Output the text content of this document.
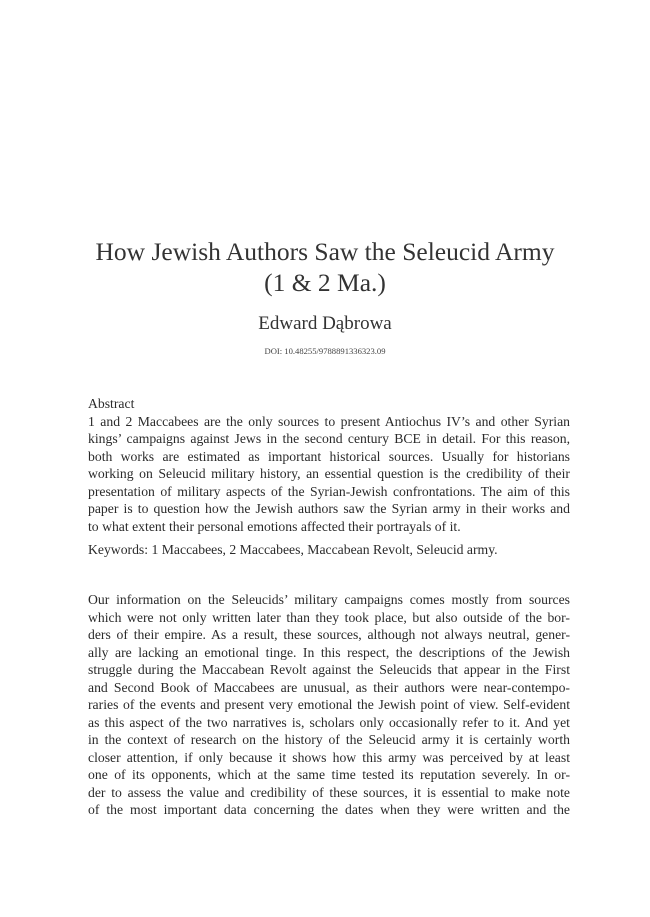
How Jewish Authors Saw the Seleucid Army
(1 & 2 Ma.)
Edward Dąbrowa
DOI: 10.48255/9788891336323.09
Abstract
1 and 2 Maccabees are the only sources to present Antiochus IV’s and other Syrian
kings’ campaigns against Jews in the second century BCE in detail. For this reason,
both works are estimated as important historical sources. Usually for historians
working on Seleucid military history, an essential question is the credibility of their
presentation of military aspects of the Syrian-Jewish confrontations. The aim of this
paper is to question how the Jewish authors saw the Syrian army in their works and
to what extent their personal emotions affected their portrayals of it.
Keywords: 1 Maccabees, 2 Maccabees, Maccabean Revolt, Seleucid army.
Our information on the Seleucids’ military campaigns comes mostly from sources
which were not only written later than they took place, but also outside of the bor-
ders of their empire. As a result, these sources, although not always neutral, gener-
ally are lacking an emotional tinge. In this respect, the descriptions of the Jewish
struggle during the Maccabean Revolt against the Seleucids that appear in the First
and Second Book of Maccabees are unusual, as their authors were near-contempo-
raries of the events and present very emotional the Jewish point of view. Self-evident
as this aspect of the two narratives is, scholars only occasionally refer to it. And yet
in the context of research on the history of the Seleucid army it is certainly worth
closer attention, if only because it shows how this army was perceived by at least
one of its opponents, which at the same time tested its reputation severely. In or-
der to assess the value and credibility of these sources, it is essential to make note
of the most important data concerning the dates when they were written and the
